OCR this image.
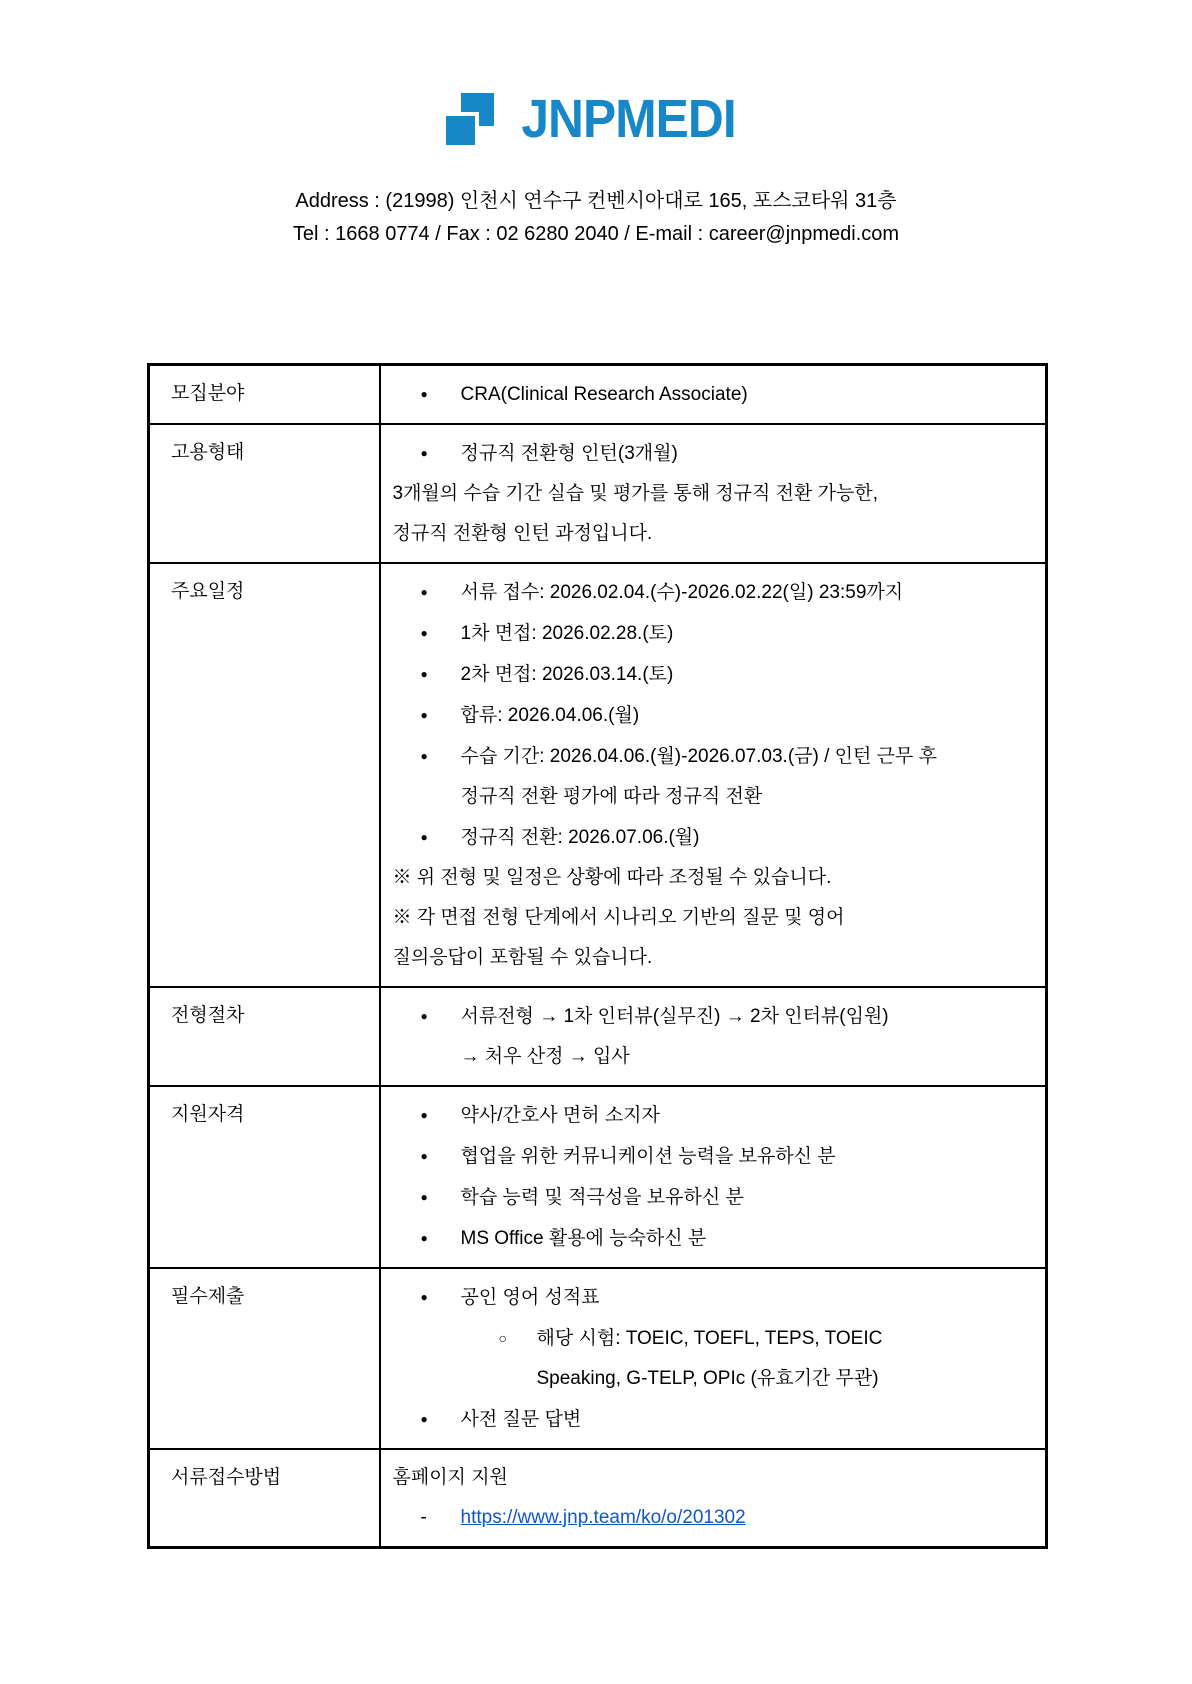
JNPMEDI
Address : (21998) 인천시 연수구 컨벤시아대로 165, 포스코타워 31층
Tel : 1668 0774 / Fax : 02 6280 2040 / E-mail : career@jnpmedi.com
모집분야	● CRA(Clinical Research Associate)

고용형태	● 정규직 전환형 인턴(3개월)
3개월의 수습 기간 실습 및 평가를 통해 정규직 전환 가능한,
정규직 전환형 인턴 과정입니다.

주요일정	● 서류 접수: 2026.02.04.(수)-2026.02.22(일) 23:59까지
● 1차 면접: 2026.02.28.(토)
● 2차 면접: 2026.03.14.(토)
● 합류: 2026.04.06.(월)
● 수습 기간: 2026.04.06.(월)-2026.07.03.(금) / 인턴 근무 후
정규직 전환 평가에 따라 정규직 전환
● 정규직 전환: 2026.07.06.(월)
※ 위 전형 및 일정은 상황에 따라 조정될 수 있습니다.
※ 각 면접 전형 단계에서 시나리오 기반의 질문 및 영어
질의응답이 포함될 수 있습니다.

전형절차	● 서류전형 → 1차 인터뷰(실무진) → 2차 인터뷰(임원)
→ 처우 산정 → 입사

지원자격	● 약사/간호사 면허 소지자
● 협업을 위한 커뮤니케이션 능력을 보유하신 분
● 학습 능력 및 적극성을 보유하신 분
● MS Office 활용에 능숙하신 분

필수제출	● 공인 영어 성적표
○ 해당 시험: TOEIC, TOEFL, TEPS, TOEIC
Speaking, G-TELP, OPIc (유효기간 무관)
● 사전 질문 답변

서류접수방법	홈페이지 지원
- https://www.jnp.team/ko/o/201302
